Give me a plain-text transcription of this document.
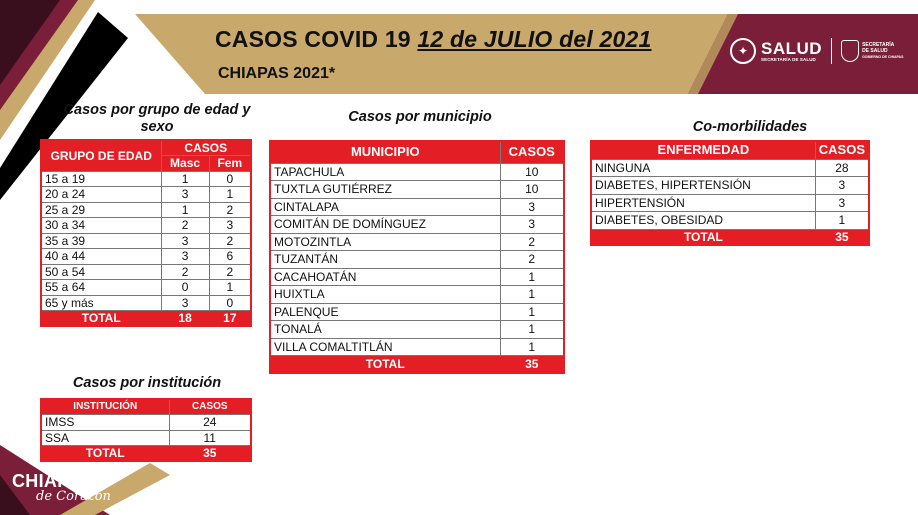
CASOS COVID 19 12 de JULIO del 2021
CHIAPAS 2021*
✦ SALUD
SECRETARÍA DE SALUD
SECRETARÍA
DE SALUD
GOBIERNO DE CHIAPAS
Casos por grupo de edad y sexo
GRUPO DE EDAD	CASOS	
	Masc	Fem
15 a 19	1	0
20 a 24	3	1
25 a 29	1	2
30 a 34	2	3
35 a 39	3	2
40 a 44	3	6
50 a 54	2	2
55 a 64	0	1
65 y más	3	0
TOTAL	18	17
Casos por institución
INSTITUCIÓN	CASOS
IMSS	24
SSA	11
TOTAL	35
Casos por municipio
MUNICIPIO	CASOS
TAPACHULA	10
TUXTLA GUTIÉRREZ	10
CINTALAPA	3
COMITÁN DE DOMÍNGUEZ	3
MOTOZINTLA	2
TUZANTÁN	2
CACAHOATÁN	1
HUIXTLA	1
PALENQUE	1
TONALÁ	1
VILLA COMALTITLÁN	1
TOTAL	35
Co-morbilidades
ENFERMEDAD	CASOS
NINGUNA	28
DIABETES, HIPERTENSIÓN	3
HIPERTENSIÓN	3
DIABETES, OBESIDAD	1
TOTAL	35
CHIAPAS
de Corazón
